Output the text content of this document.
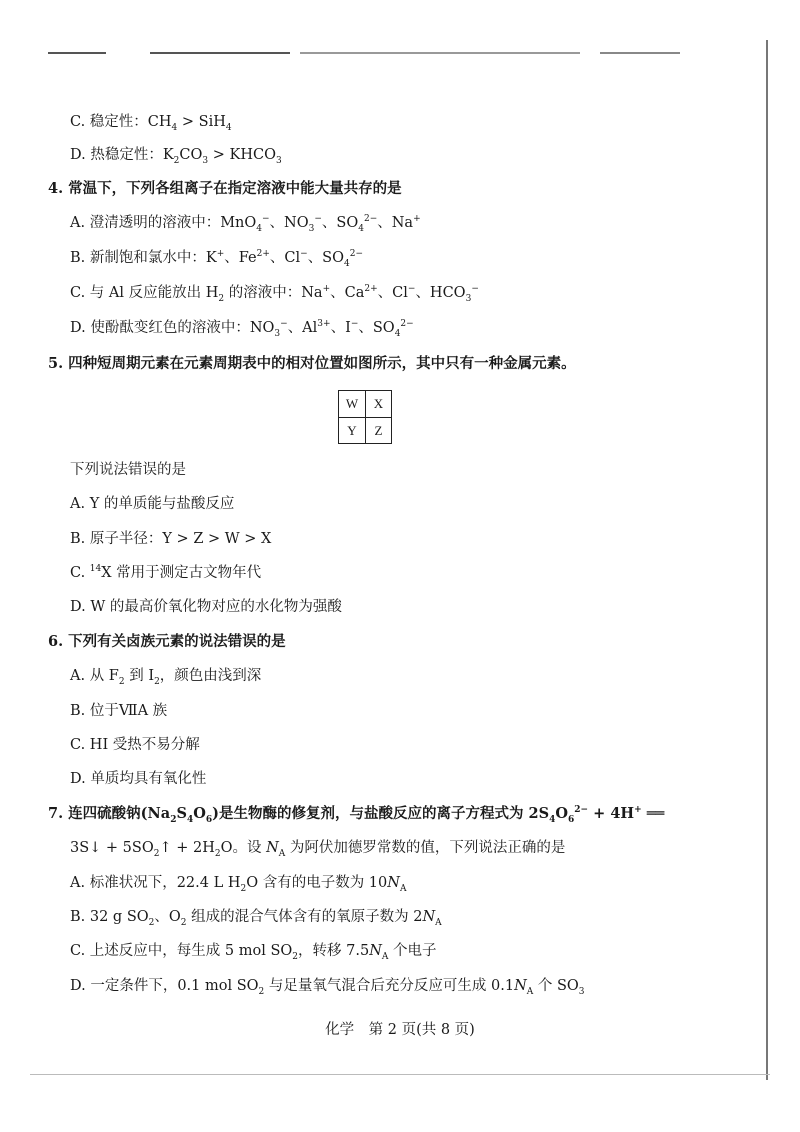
C. 稳定性：$CH_4 > SiH_4$
D. 热稳定性：$K_2CO_3$ > $KHCO_3$
4. 常温下，下列各组离子在指定溶液中能大量共存的是
A. 澄清透明的溶液中：MnO$_4$−、$NO_3^-$、$SO_4^{2-}$、Na+
B. 新制饱和氯水中：K+、$Fe^{2+}$、Cl−、$SO_4^{2-}$
C. 与 Al 反应能放出 $H_2$ 的溶液中：Na+、$Ca^{2+}$、Cl−、$HCO_3^-$
D. 使酚酞变红色的溶液中：$NO_3^-$、$Al^{3+}$、I−、$SO_4^{2-}$
5. 四种短周期元素在元素周期表中的相对位置如图所示，其中只有一种金属元素。
W	X
Y	Z
下列说法错误的是
A. Y 的单质能与盐酸反应
B. 原子半径：Y > Z > W > X
C. $^{14}$X 常用于测定古文物年代
D. W 的最高价氧化物对应的水化物为强酸
6. 下列有关卤族元素的说法错误的是
A. 从 $F_2$ 到 $I_2$，颜色由浅到深
B. 位于ⅦA 族
C. HI 受热不易分解
D. 单质均具有氧化性
7. 连四硫酸钠$(Na_2S_4O_6)$是生物酶的修复剂，与盐酸反应的离子方程式为 $2S_4O_6^{2-} + 4H^+$ ══
3S↓ + $5SO_2↑ + 2H_2O$。设 $N_A$ 为阿伏加德罗常数的值，下列说法正确的是
A. 标准状况下，22.4 L $H_2O$ 含有的电子数为 $10N_A$
B. 32 g $SO_2$、$O_2$ 组成的混合气体含有的氧原子数为 $2N_A$
C. 上述反应中，每生成 5 mol $SO_2$，转移 $7.5N_A$ 个电子
D. 一定条件下，0.1 mol $SO_2$ 与足量氧气混合后充分反应可生成 $0.1N_A$ 个 $SO_3$
化学　第 2 页(共 8 页)
